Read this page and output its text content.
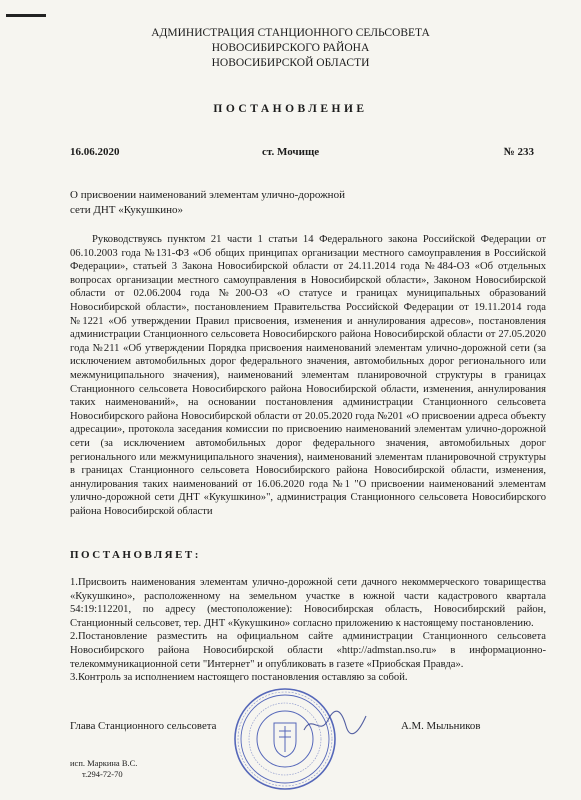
АДМИНИСТРАЦИЯ СТАНЦИОННОГО СЕЛЬСОВЕТА
НОВОСИБИРСКОГО РАЙОНА
НОВОСИБИРСКОЙ ОБЛАСТИ
ПОСТАНОВЛЕНИЕ
16.06.2020	ст. Мочище	№ 233
О присвоении наименований элементам улично-дорожной
сети ДНТ «Кукушкино»
Руководствуясь пунктом 21 части 1 статьи 14 Федерального закона Российской Федерации от 06.10.2003 года №131-ФЗ «Об общих принципах организации местного самоуправления в Российской Федерации», статьей 3 Закона Новосибирской области от 24.11.2014 года №484-ОЗ «Об отдельных вопросах организации местного самоуправления в Новосибирской области», Законом Новосибирской области от 02.06.2004 года №200-ОЗ «О статусе и границах муниципальных образований Новосибирской области», постановлением Правительства Российской Федерации от 19.11.2014 года №1221 «Об утверждении Правил присвоения, изменения и аннулирования адресов», постановления администрации Станционного сельсовета Новосибирского района Новосибирской области от 27.05.2020 года №211 «Об утверждении Порядка присвоения наименований элементам улично-дорожной сети (за исключением автомобильных дорог федерального значения, автомобильных дорог регионального или межмуниципального значения), наименований элементам планировочной структуры в границах Станционного сельсовета Новосибирского района Новосибирской области, изменения, аннулирования таких наименований», на основании постановления администрации Станционного сельсовета Новосибирского района Новосибирской области от 20.05.2020 года №201 «О присвоении адреса объекту адресации», протокола заседания комиссии по присвоению наименований элементам улично-дорожной сети (за исключением автомобильных дорог федерального значения, автомобильных дорог регионального или межмуниципального значения), наименований элементам планировочной структуры в границах Станционного сельсовета Новосибирского района Новосибирской области, изменения, аннулирования таких наименований от 16.06.2020 года №1 "О присвоении наименований элементам улично-дорожной сети ДНТ «Кукушкино»", администрация Станционного сельсовета Новосибирского района Новосибирской области
ПОСТАНОВЛЯЕТ:

1.Присвоить наименования элементам улично-дорожной сети дачного некоммерческого товарищества «Кукушкино», расположенному на земельном участке в южной части кадастрового квартала 54:19:112201, по адресу (местоположение): Новосибирская область, Новосибирский район, Станционный сельсовет, тер. ДНТ «Кукушкино» согласно приложению к настоящему постановлению.

2.Постановление разместить на официальном сайте администрации Станционного сельсовета Новосибирского района Новосибирской области «http://admstan.nso.ru» в информационно-телекоммуникационной сети "Интернет" и опубликовать в газете «Приобская Правда».

3.Контроль за исполнением настоящего постановления оставляю за собой.

Глава Станционного сельсовета	А.М. Мыльников
исп. Маркина В.С.
т.294-72-70
